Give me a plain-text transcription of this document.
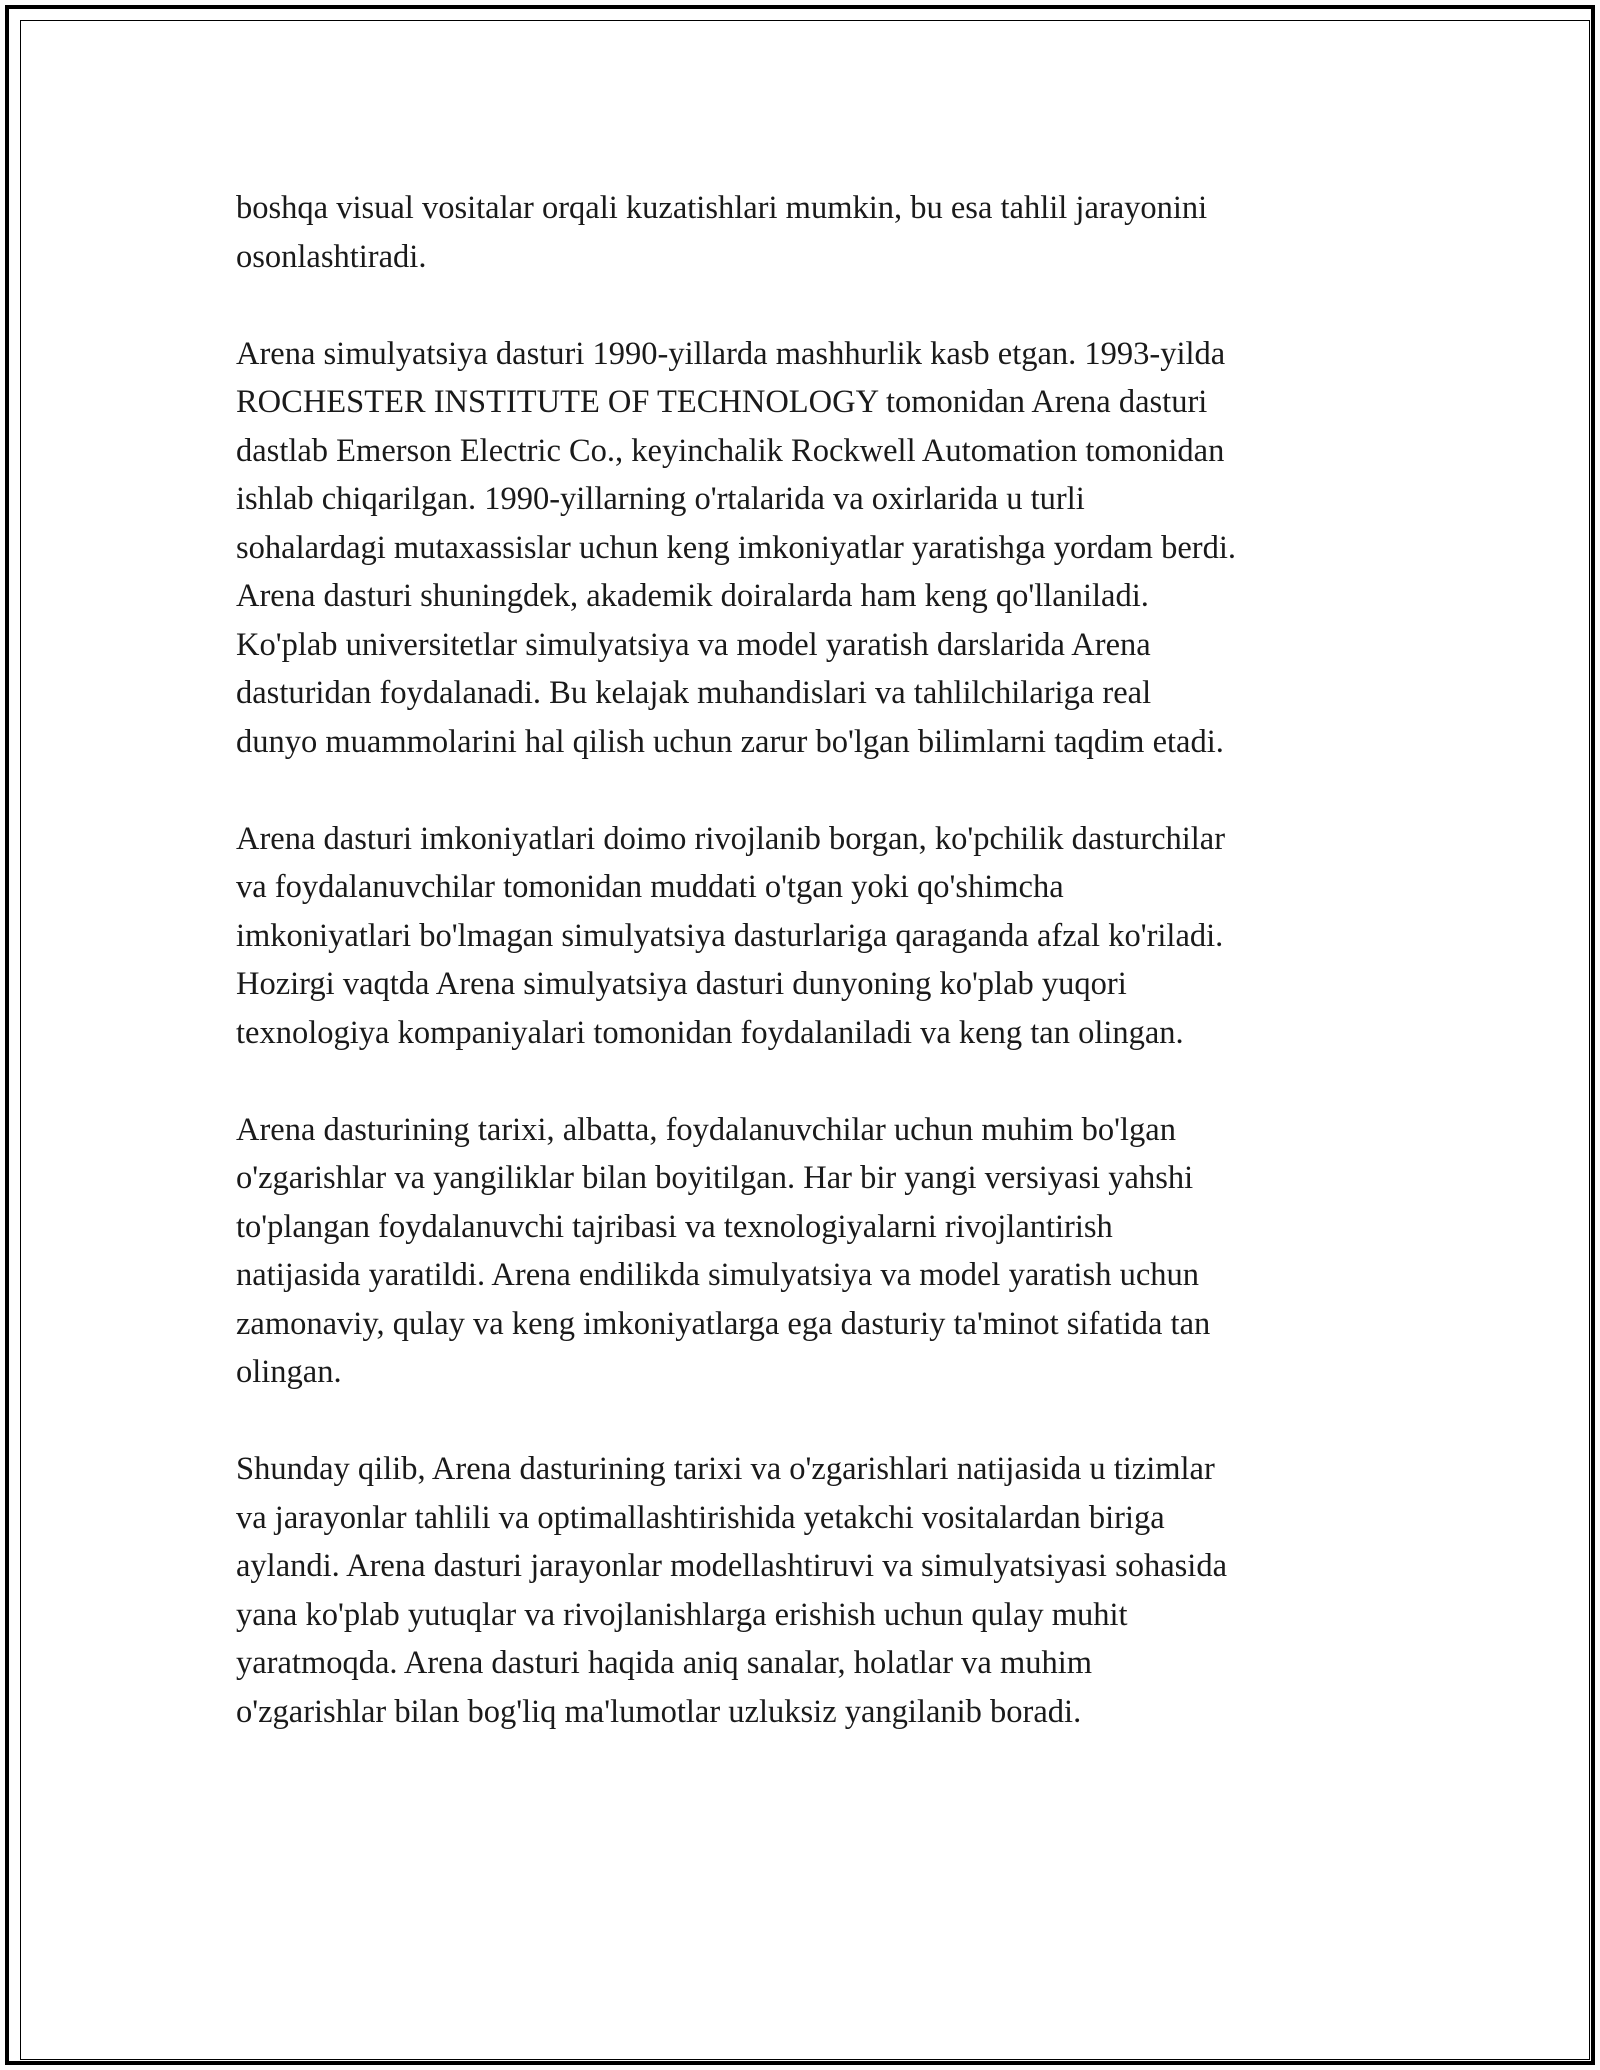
boshqa visual vositalar orqali kuzatishlari mumkin, bu esa tahlil jarayonini
osonlashtiradi.

Arena simulyatsiya dasturi 1990-yillarda mashhurlik kasb etgan. 1993-yilda
ROCHESTER INSTITUTE OF TECHNOLOGY tomonidan Arena dasturi
dastlab Emerson Electric Co., keyinchalik Rockwell Automation tomonidan
ishlab chiqarilgan. 1990-yillarning o'rtalarida va oxirlarida u turli
sohalardagi mutaxassislar uchun keng imkoniyatlar yaratishga yordam berdi.
Arena dasturi shuningdek, akademik doiralarda ham keng qo'llaniladi.
Ko'plab universitetlar simulyatsiya va model yaratish darslarida Arena
dasturidan foydalanadi. Bu kelajak muhandislari va tahlilchilariga real
dunyo muammolarini hal qilish uchun zarur bo'lgan bilimlarni taqdim etadi.

Arena dasturi imkoniyatlari doimo rivojlanib borgan, ko'pchilik dasturchilar
va foydalanuvchilar tomonidan muddati o'tgan yoki qo'shimcha
imkoniyatlari bo'lmagan simulyatsiya dasturlariga qaraganda afzal ko'riladi.
Hozirgi vaqtda Arena simulyatsiya dasturi dunyoning ko'plab yuqori
texnologiya kompaniyalari tomonidan foydalaniladi va keng tan olingan.

Arena dasturining tarixi, albatta, foydalanuvchilar uchun muhim bo'lgan
o'zgarishlar va yangiliklar bilan boyitilgan. Har bir yangi versiyasi yahshi
to'plangan foydalanuvchi tajribasi va texnologiyalarni rivojlantirish
natijasida yaratildi. Arena endilikda simulyatsiya va model yaratish uchun
zamonaviy, qulay va keng imkoniyatlarga ega dasturiy ta'minot sifatida tan
olingan.

Shunday qilib, Arena dasturining tarixi va o'zgarishlari natijasida u tizimlar
va jarayonlar tahlili va optimallashtirishida yetakchi vositalardan biriga
aylandi. Arena dasturi jarayonlar modellashtiruvi va simulyatsiyasi sohasida
yana ko'plab yutuqlar va rivojlanishlarga erishish uchun qulay muhit
yaratmoqda. Arena dasturi haqida aniq sanalar, holatlar va muhim
o'zgarishlar bilan bog'liq ma'lumotlar uzluksiz yangilanib boradi.
